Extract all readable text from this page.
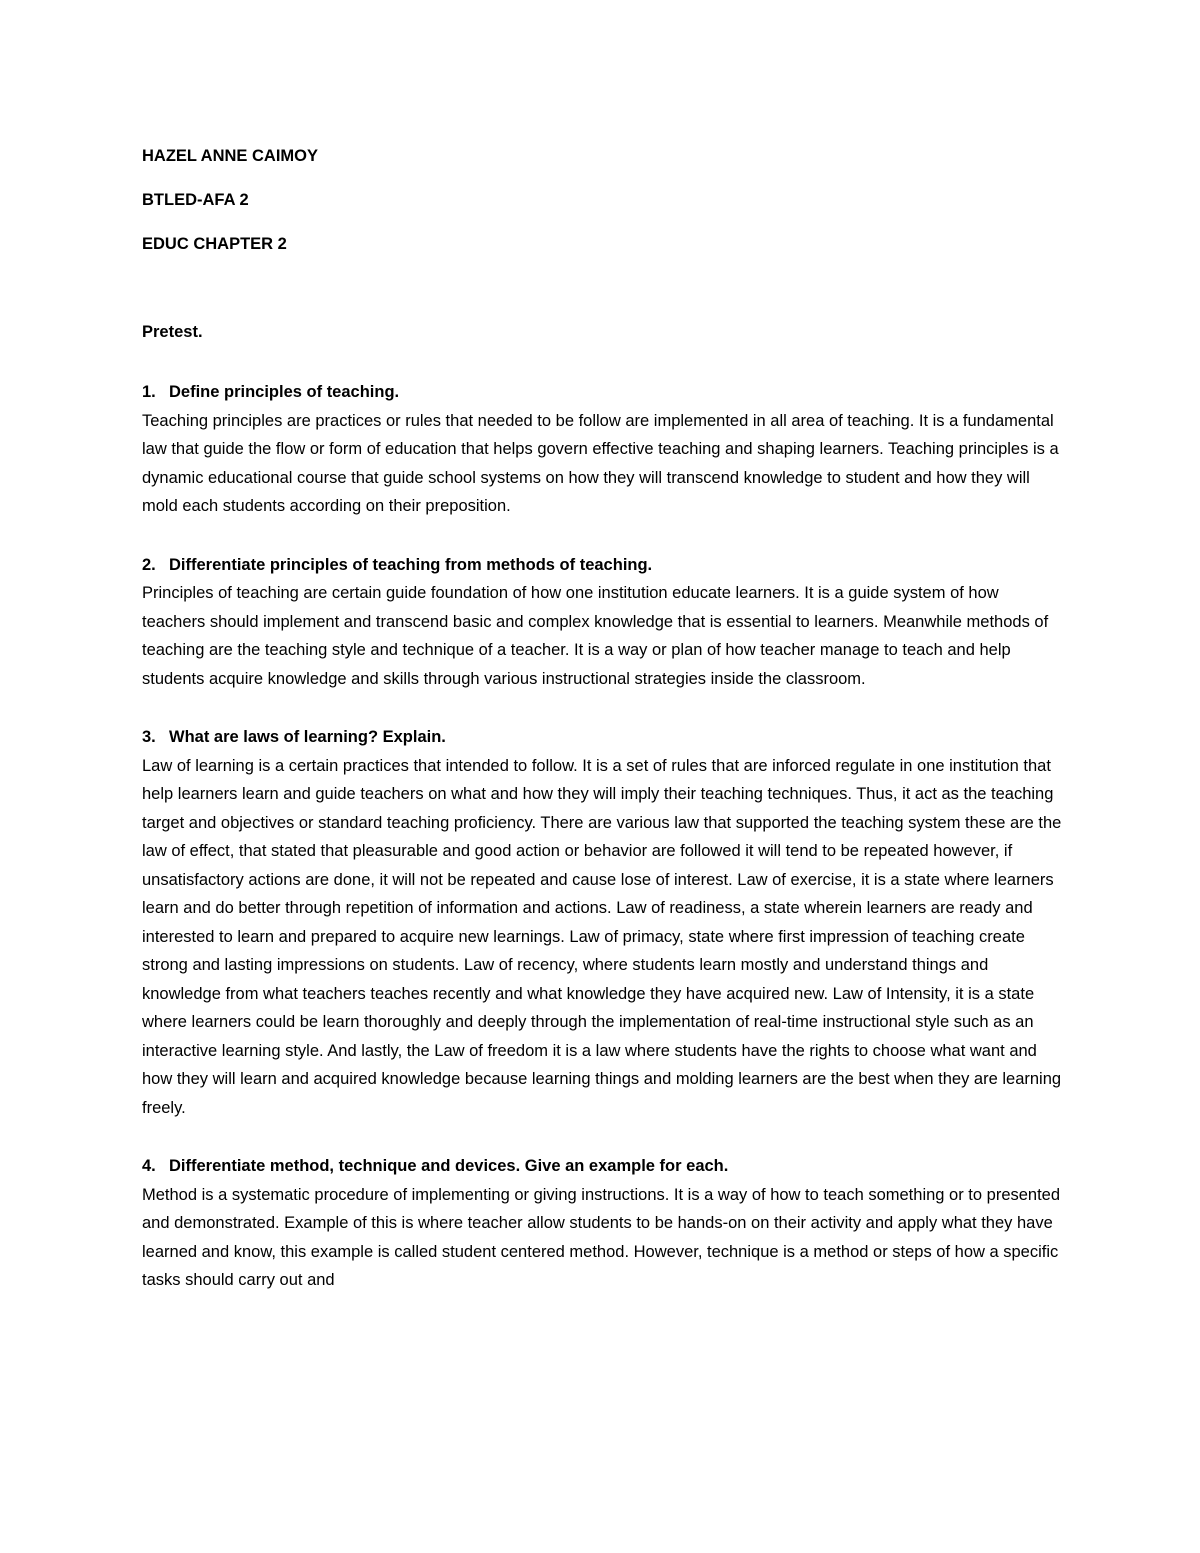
HAZEL ANNE CAIMOY

BTLED-AFA 2

EDUC CHAPTER 2

Pretest.

1. Define principles of teaching.

Teaching principles are practices or rules that needed to be follow are implemented in all area of teaching. It is a fundamental law that guide the flow or form of education that helps govern effective teaching and shaping learners. Teaching principles is a dynamic educational course that guide school systems on how they will transcend knowledge to student and how they will mold each students according on their preposition.

2. Differentiate principles of teaching from methods of teaching.

Principles of teaching are certain guide foundation of how one institution educate learners. It is a guide system of how teachers should implement and transcend basic and complex knowledge that is essential to learners. Meanwhile methods of teaching are the teaching style and technique of a teacher. It is a way or plan of how teacher manage to teach and help students acquire knowledge and skills through various instructional strategies inside the classroom.

3. What are laws of learning? Explain.

Law of learning is a certain practices that intended to follow. It is a set of rules that are inforced regulate in one institution that help learners learn and guide teachers on what and how they will imply their teaching techniques. Thus, it act as the teaching target and objectives or standard teaching proficiency. There are various law that supported the teaching system these are the law of effect, that stated that pleasurable and good action or behavior are followed it will tend to be repeated however, if unsatisfactory actions are done, it will not be repeated and cause lose of interest. Law of exercise, it is a state where learners learn and do better through repetition of information and actions. Law of readiness, a state wherein learners are ready and interested to learn and prepared to acquire new learnings. Law of primacy, state where first impression of teaching create strong and lasting impressions on students. Law of recency, where students learn mostly and understand things and knowledge from what teachers teaches recently and what knowledge they have acquired new. Law of Intensity, it is a state where learners could be learn thoroughly and deeply through the implementation of real-time instructional style such as an interactive learning style. And lastly, the Law of freedom it is a law where students have the rights to choose what want and how they will learn and acquired knowledge because learning things and molding learners are the best when they are learning freely.

4. Differentiate method, technique and devices. Give an example for each.

Method is a systematic procedure of implementing or giving instructions. It is a way of how to teach something or to presented and demonstrated. Example of this is where teacher allow students to be hands-on on their activity and apply what they have learned and know, this example is called student centered method. However, technique is a method or steps of how a specific tasks should carry out and
